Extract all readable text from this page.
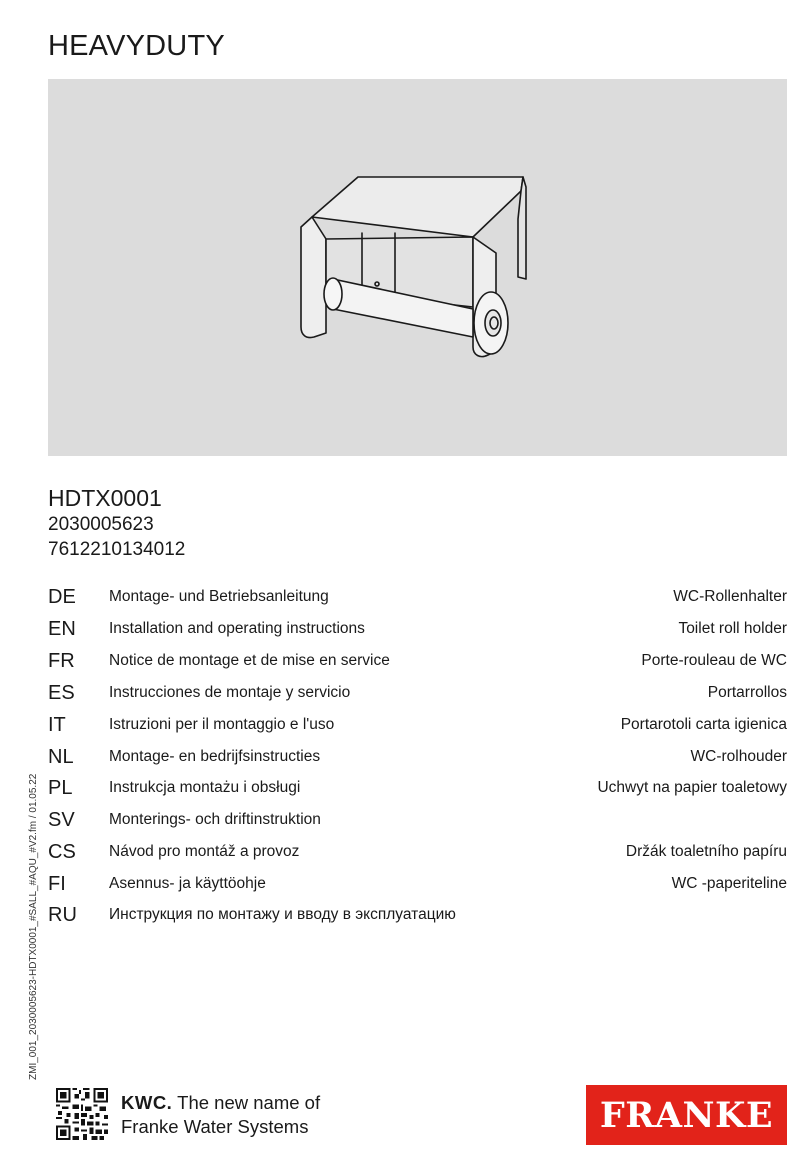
HEAVYDUTY
HDTX0001
2030005623
7612210134012
DE	Montage- und Betriebsanleitung	WC-Rollenhalter
EN	Installation and operating instructions	Toilet roll holder
FR	Notice de montage et de mise en service	Porte-rouleau de WC
ES	Instrucciones de montaje y servicio	Portarrollos
IT	Istruzioni per il montaggio e l'uso	Portarotoli carta igienica
NL	Montage- en bedrijfsinstructies	WC-rolhouder
PL	Instrukcja montażu i obsługi	Uchwyt na papier toaletowy
SV	Monterings- och driftinstruktion
CS	Návod pro montáž a provoz	Držák toaletního papíru
FI	Asennus- ja käyttöohje	WC -paperiteline
RU	Инструкция по монтажу и вводу в эксплуатацию
ZMI_001_2030005623-HDTX0001_#SALL_#AQU_#V2.fm / 01.05.22
KWC. The new name of
Franke Water Systems	FRANKE
